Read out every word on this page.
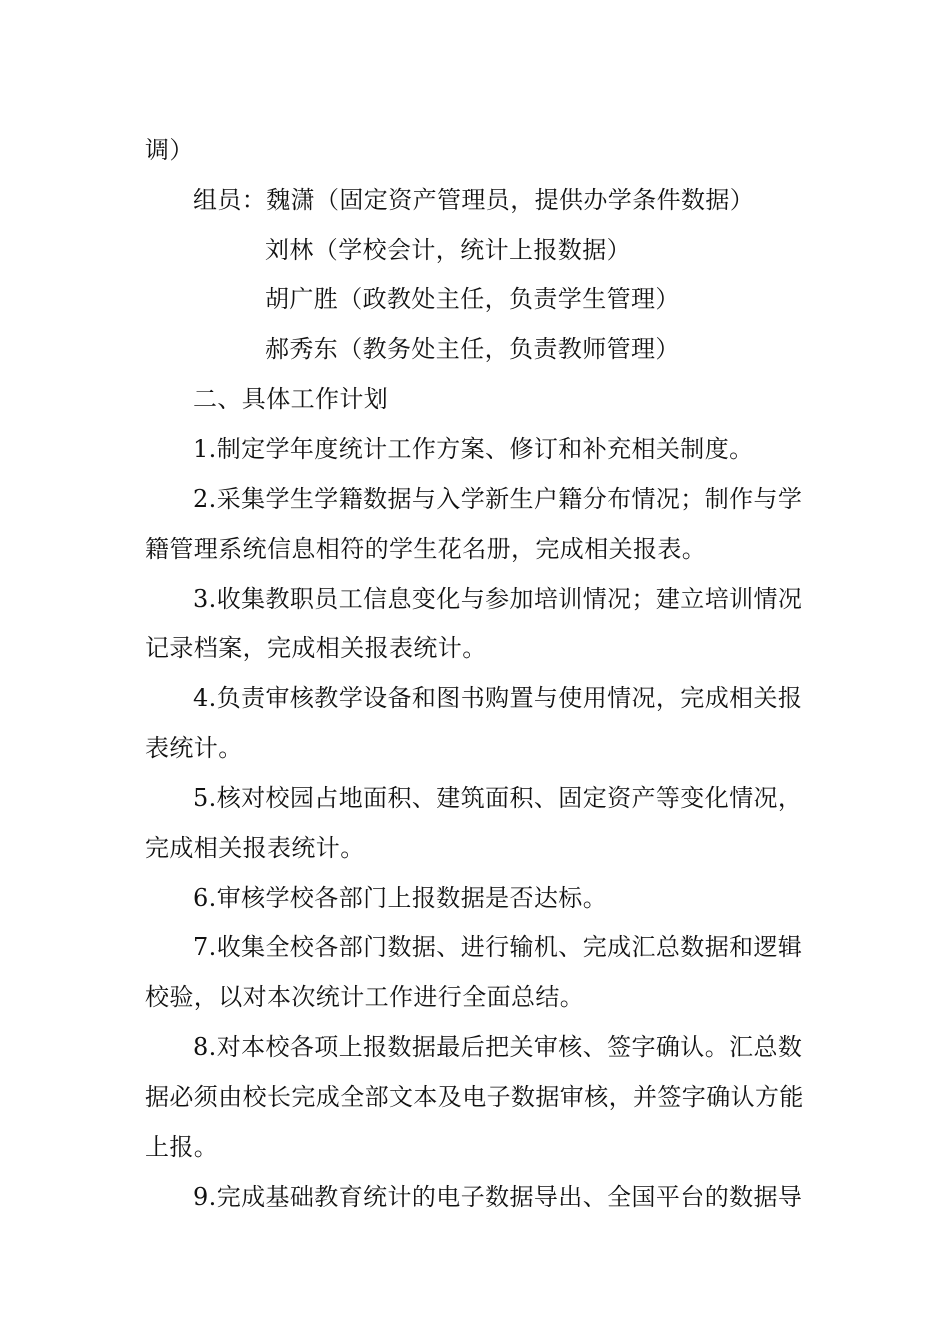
调）
组员：魏潇（固定资产管理员，提供办学条件数据）
刘林（学校会计，统计上报数据）
胡广胜（政教处主任，负责学生管理）
郝秀东（教务处主任，负责教师管理）
二、具体工作计划
1.制定学年度统计工作方案、修订和补充相关制度。
2.采集学生学籍数据与入学新生户籍分布情况；制作与学
籍管理系统信息相符的学生花名册，完成相关报表。
3.收集教职员工信息变化与参加培训情况；建立培训情况
记录档案，完成相关报表统计。
4.负责审核教学设备和图书购置与使用情况，完成相关报
表统计。
5.核对校园占地面积、建筑面积、固定资产等变化情况，
完成相关报表统计。
6.审核学校各部门上报数据是否达标。
7.收集全校各部门数据、进行输机、完成汇总数据和逻辑
校验，以对本次统计工作进行全面总结。
8.对本校各项上报数据最后把关审核、签字确认。汇总数
据必须由校长完成全部文本及电子数据审核，并签字确认方能
上报。
9.完成基础教育统计的电子数据导出、全国平台的数据导
